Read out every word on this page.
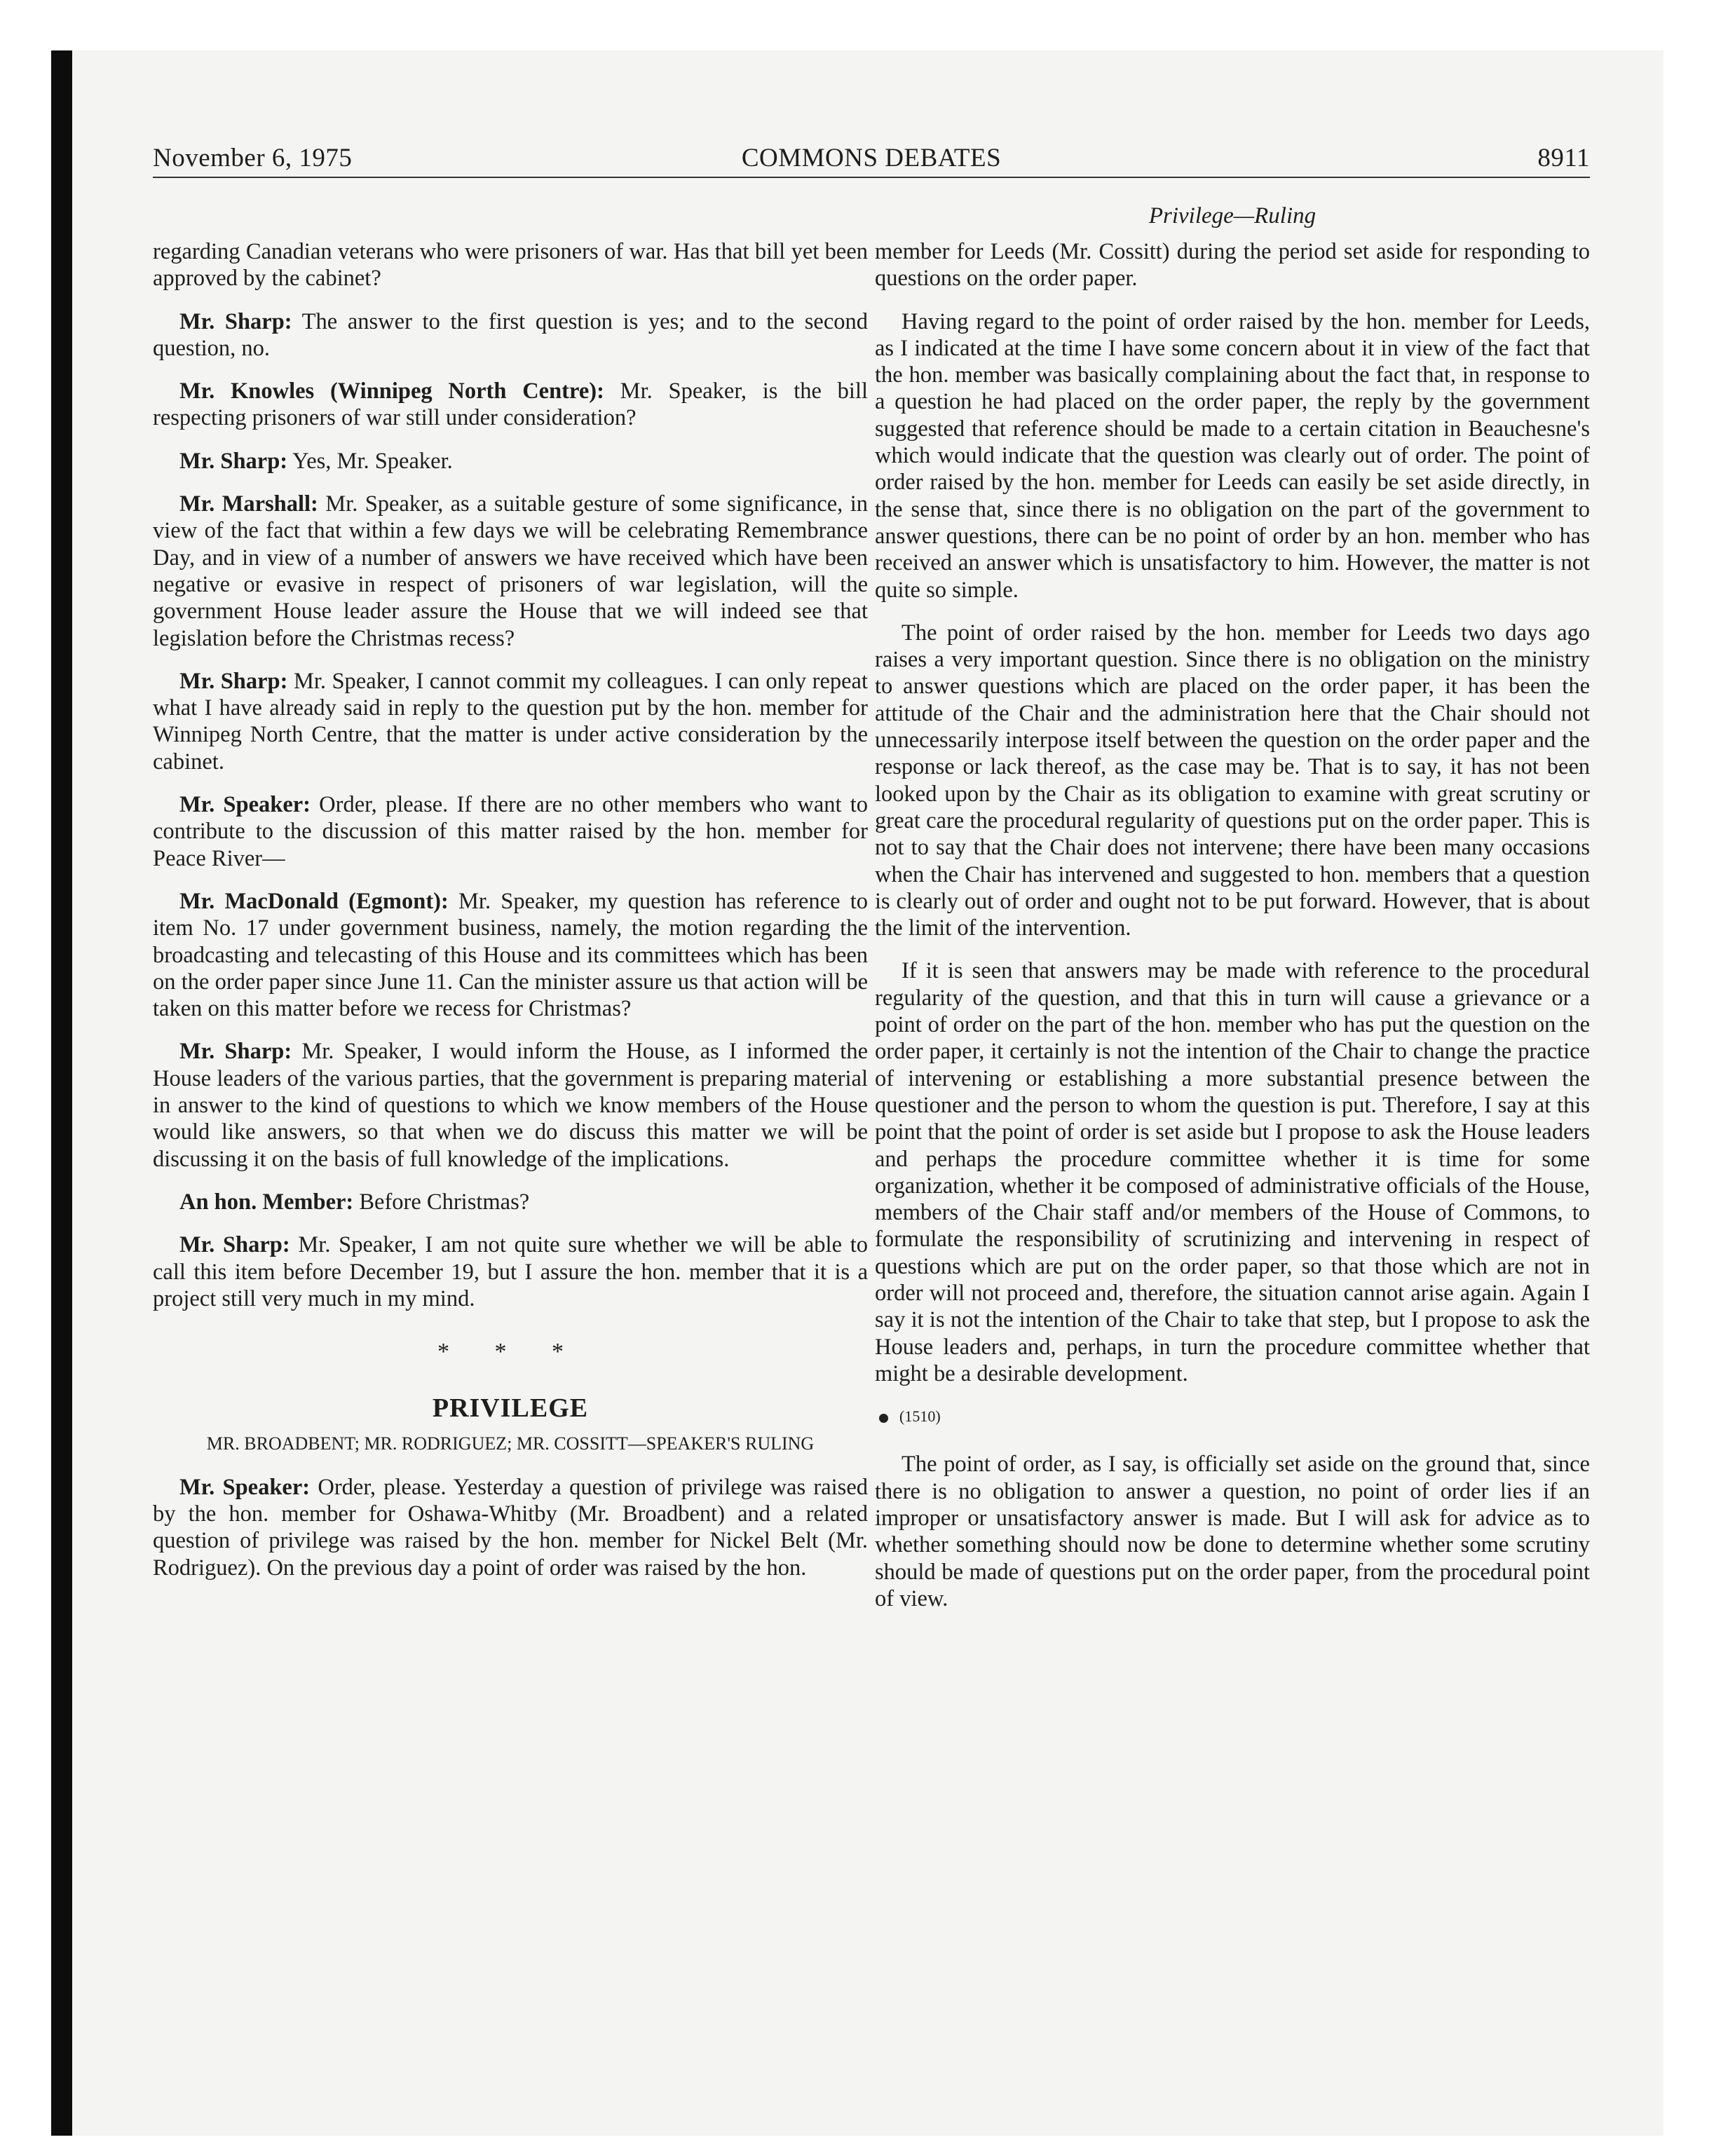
November 6, 1975	COMMONS DEBATES	8911
Privilege—Ruling

regarding Canadian veterans who were prisoners of war. Has that bill yet been approved by the cabinet?

Mr. Sharp: The answer to the first question is yes; and to the second question, no.

Mr. Knowles (Winnipeg North Centre): Mr. Speaker, is the bill respecting prisoners of war still under consideration?

Mr. Sharp: Yes, Mr. Speaker.

Mr. Marshall: Mr. Speaker, as a suitable gesture of some significance, in view of the fact that within a few days we will be celebrating Remembrance Day, and in view of a number of answers we have received which have been negative or evasive in respect of prisoners of war legislation, will the government House leader assure the House that we will indeed see that legislation before the Christmas recess?

Mr. Sharp: Mr. Speaker, I cannot commit my colleagues. I can only repeat what I have already said in reply to the question put by the hon. member for Winnipeg North Centre, that the matter is under active consideration by the cabinet.

Mr. Speaker: Order, please. If there are no other members who want to contribute to the discussion of this matter raised by the hon. member for Peace River—

Mr. MacDonald (Egmont): Mr. Speaker, my question has reference to item No. 17 under government business, namely, the motion regarding the broadcasting and telecasting of this House and its committees which has been on the order paper since June 11. Can the minister assure us that action will be taken on this matter before we recess for Christmas?

Mr. Sharp: Mr. Speaker, I would inform the House, as I informed the House leaders of the various parties, that the government is preparing material in answer to the kind of questions to which we know members of the House would like answers, so that when we do discuss this matter we will be discussing it on the basis of full knowledge of the implications.

An hon. Member: Before Christmas?

Mr. Sharp: Mr. Speaker, I am not quite sure whether we will be able to call this item before December 19, but I assure the hon. member that it is a project still very much in my mind.

* * *
PRIVILEGE
MR. BROADBENT; MR. RODRIGUEZ; MR. COSSITT—SPEAKER'S RULING

Mr. Speaker: Order, please. Yesterday a question of privilege was raised by the hon. member for Oshawa-Whitby (Mr. Broadbent) and a related question of privilege was raised by the hon. member for Nickel Belt (Mr. Rodriguez). On the previous day a point of order was raised by the hon.

member for Leeds (Mr. Cossitt) during the period set aside for responding to questions on the order paper.

Having regard to the point of order raised by the hon. member for Leeds, as I indicated at the time I have some concern about it in view of the fact that the hon. member was basically complaining about the fact that, in response to a question he had placed on the order paper, the reply by the government suggested that reference should be made to a certain citation in Beauchesne's which would indicate that the question was clearly out of order. The point of order raised by the hon. member for Leeds can easily be set aside directly, in the sense that, since there is no obligation on the part of the government to answer questions, there can be no point of order by an hon. member who has received an answer which is unsatisfactory to him. However, the matter is not quite so simple.

The point of order raised by the hon. member for Leeds two days ago raises a very important question. Since there is no obligation on the ministry to answer questions which are placed on the order paper, it has been the attitude of the Chair and the administration here that the Chair should not unnecessarily interpose itself between the question on the order paper and the response or lack thereof, as the case may be. That is to say, it has not been looked upon by the Chair as its obligation to examine with great scrutiny or great care the procedural regularity of questions put on the order paper. This is not to say that the Chair does not intervene; there have been many occasions when the Chair has intervened and suggested to hon. members that a question is clearly out of order and ought not to be put forward. However, that is about the limit of the intervention.

If it is seen that answers may be made with reference to the procedural regularity of the question, and that this in turn will cause a grievance or a point of order on the part of the hon. member who has put the question on the order paper, it certainly is not the intention of the Chair to change the practice of intervening or establishing a more substantial presence between the questioner and the person to whom the question is put. Therefore, I say at this point that the point of order is set aside but I propose to ask the House leaders and perhaps the procedure committee whether it is time for some organization, whether it be composed of administrative officials of the House, members of the Chair staff and/or members of the House of Commons, to formulate the responsibility of scrutinizing and intervening in respect of questions which are put on the order paper, so that those which are not in order will not proceed and, therefore, the situation cannot arise again. Again I say it is not the intention of the Chair to take that step, but I propose to ask the House leaders and, perhaps, in turn the procedure committee whether that might be a desirable development.

(1510)

The point of order, as I say, is officially set aside on the ground that, since there is no obligation to answer a question, no point of order lies if an improper or unsatisfactory answer is made. But I will ask for advice as to whether something should now be done to determine whether some scrutiny should be made of questions put on the order paper, from the procedural point of view.
